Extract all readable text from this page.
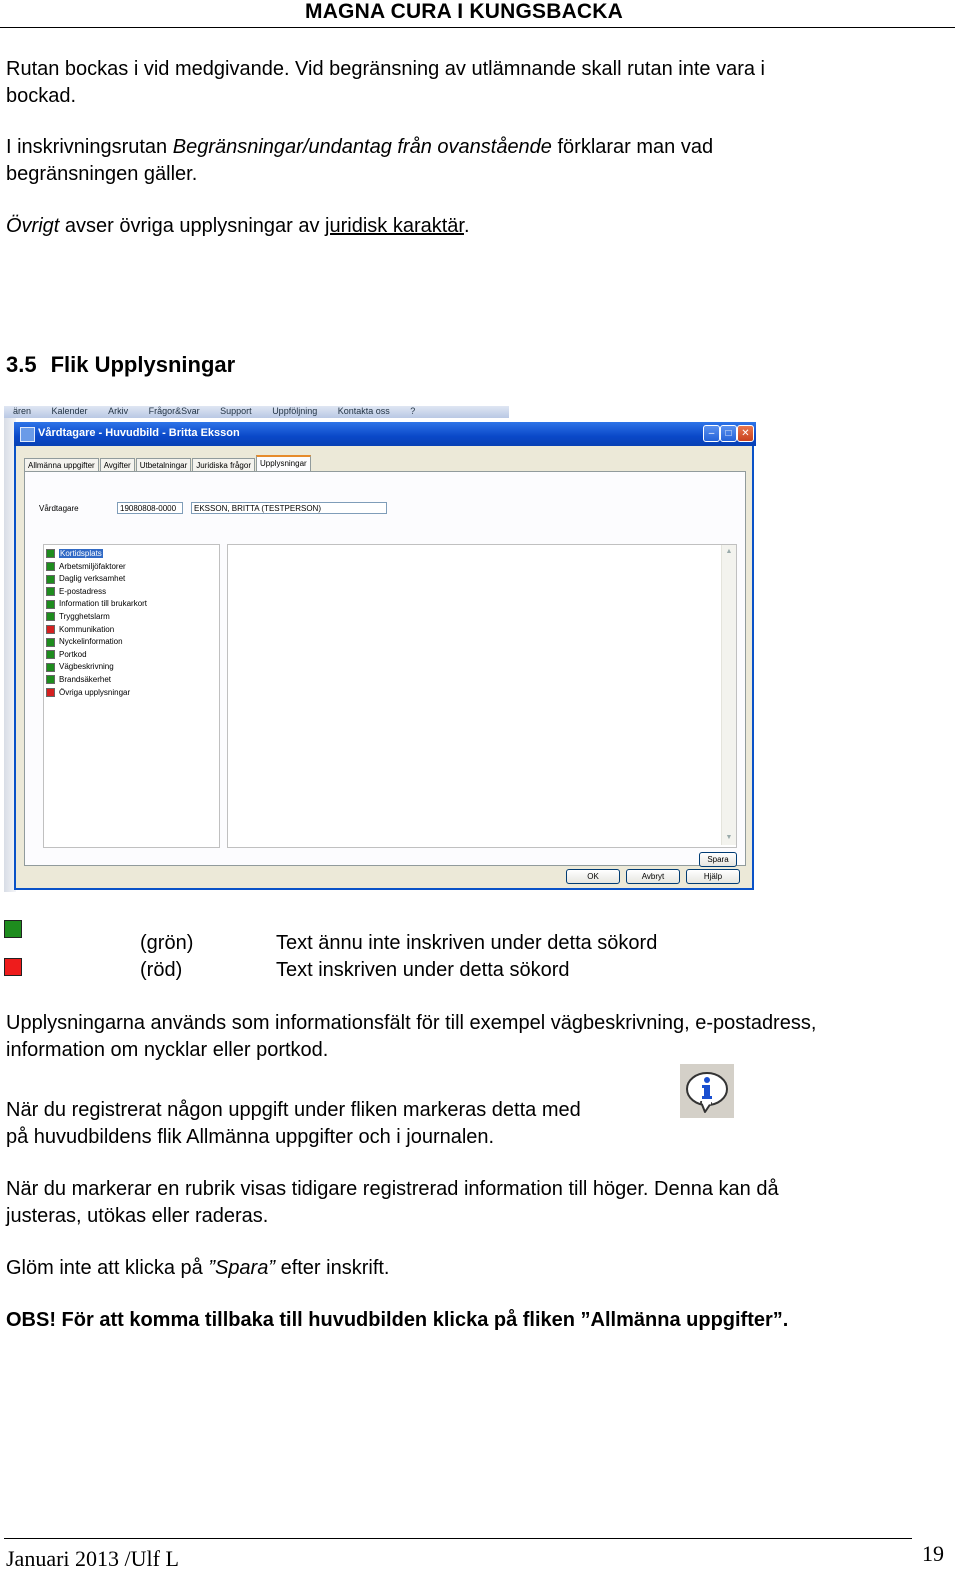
MAGNA CURA I KUNGSBACKA
Rutan bockas i vid medgivande. Vid begränsning av utlämnande skall rutan inte vara i
bockad.
I inskrivningsrutan Begränsningar/undantag från ovanstående förklarar man vad
begränsningen gäller.
Övrigt avser övriga upplysningar av juridisk karaktär.
3.5 Flik Upplysningar
ären Kalender Arkiv Frågor&Svar Support Uppföljning Kontakta oss ?
Vårdtagare - Huvudbild - Britta Eksson	–	□ ✕
Allmänna uppgifter Avgifter Utbetalningar Juridiska frågor Upplysningar
Vårdtagare	19080808-0000	EKSSON, BRITTA (TESTPERSON)
Kortidsplats
Arbetsmiljöfaktorer
Daglig verksamhet
E-postadress
Information till brukarkort
Trygghetslarm
Kommunikation
Nyckelinformation
Portkod
Vägbeskrivning
Brandsäkerhet
Övriga upplysningar
▲
▼
Spara
OK	Avbryt	Hjälp
(grön)	Text ännu inte inskriven under detta sökord
(röd)	Text inskriven under detta sökord
Upplysningarna används som informationsfält för till exempel vägbeskrivning, e-postadress,
information om nycklar eller portkod.
När du registrerat någon uppgift under fliken markeras detta med
på huvudbildens flik Allmänna uppgifter och i journalen.
När du markerar en rubrik visas tidigare registrerad information till höger. Denna kan då
justeras, utökas eller raderas.
Glöm inte att klicka på ”Spara” efter inskrift.
OBS! För att komma tillbaka till huvudbilden klicka på fliken ”Allmänna uppgifter”.
Januari 2013 /Ulf L	19
